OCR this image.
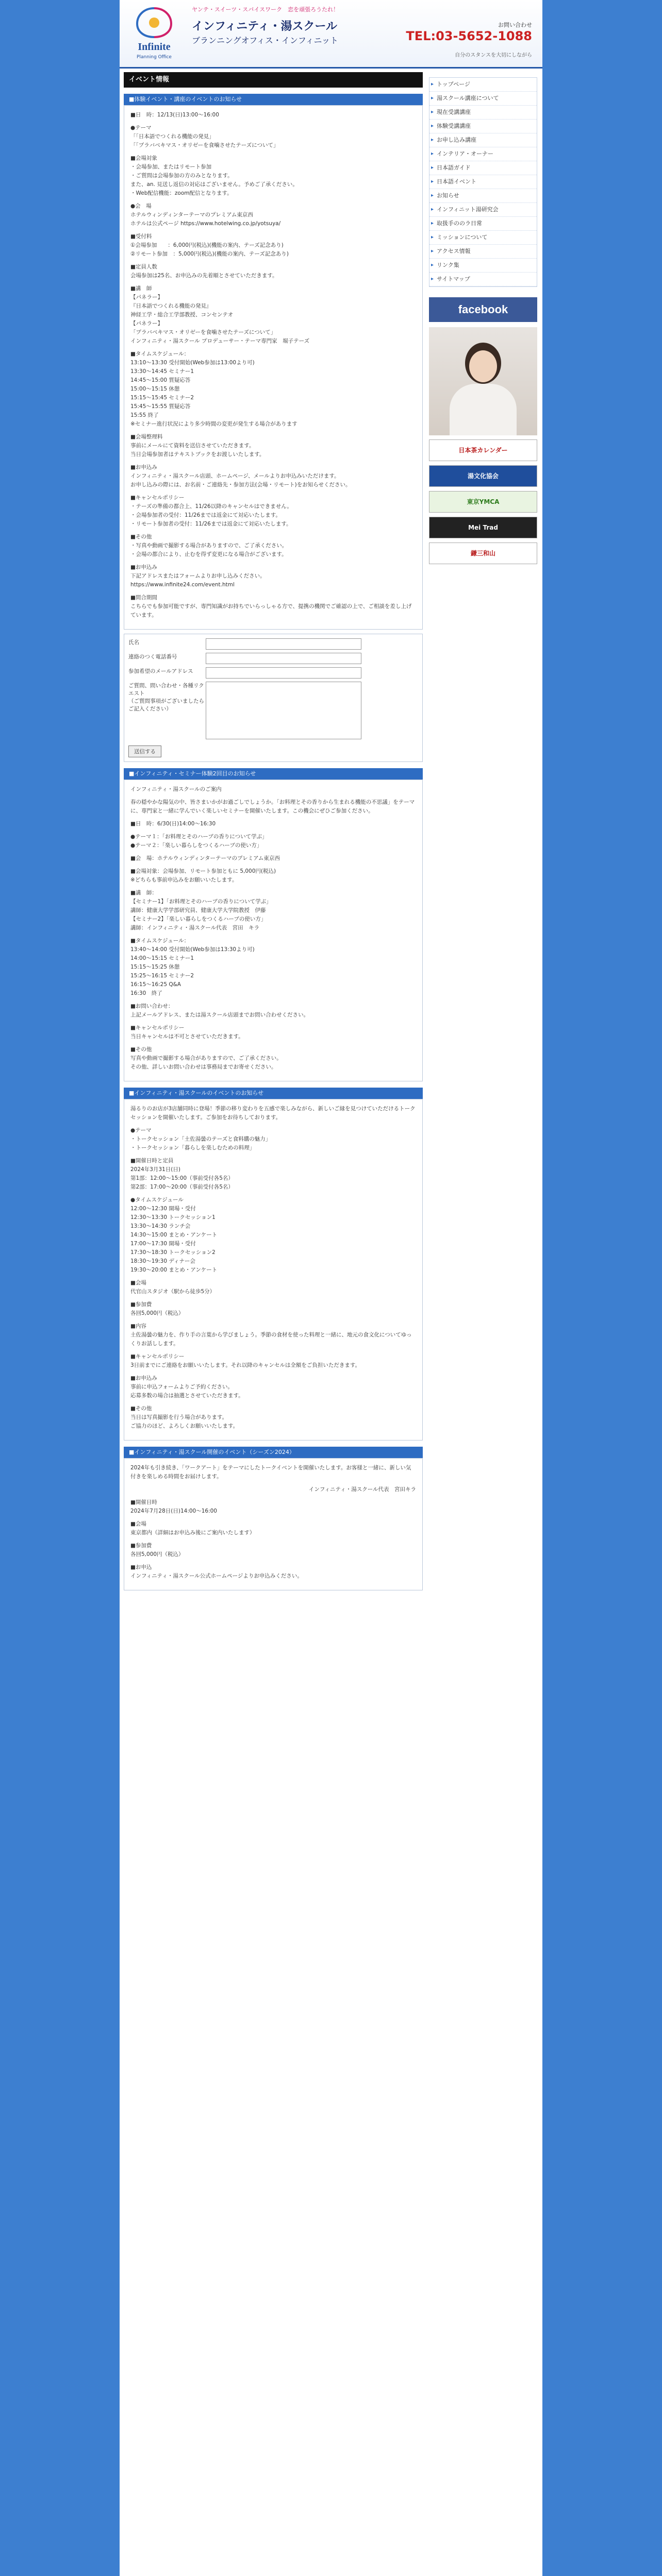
Infinite
Planning Office
ヤンテ・スイーツ・スパイスワーク　恋を頑張ろうたれ！
インフィニティ・湯スクール
ブランニングオフィス・インフィニット
お問い合わせ
TEL:03-5652-1088
自分のスタンスを大切にしながら
イベント情報
■体験イベント・講座のイベントのお知らせ

■日　時：12/13(日)13:00〜16:00

●テーマ
「「日本語でつくれる機能の発見」
「「プラバベキマス・オリゼーを食噛させたテーズについて」

■会場対象
・会場参加、またはリモート参加
・ご質問は会場参加の方のみとなります。
また、an. 見送し返信の対応はございません。予めご了承ください。
・Web配信機能：zoom配信となります。

●会　場
ホテルウィンディンターテーマのプレミアム東京西
ホテルは公式ページ https://www.hotelwing.co.jp/yotsuya/

■受付料
①会場参加　　：6,000円(税込)(機能の案内、テーズ記念あり)
②リモート参加　：5,000円(税込)(機能の案内、テーズ記念あり)

■定員人数
会場参加は25名、お申込みの先着順とさせていただきます。

■講　師
【パネラー】
『日本語でつくれる機能の発見』
神経工学・総合工学部教授、コンセンテオ
【パネラー】
「プラバベキマス・オリゼーを食噛させたテーズについて」
インフィニティ・湯スクール プロデューサー・テーマ専門家　堀子テーズ

■タイムスケジュール：
13:10〜13:30 受付開始(Web参加は13:00より可)
13:30〜14:45 セミナー1
14:45〜15:00 質疑応答
15:00〜15:15 休憩
15:15〜15:45 セミナー2
15:45〜15:55 質疑応答
15:55 終了
※セミナー進行状況により多少時間の変更が発生する場合があります

■会場整理料
事前にメールにて資料を送信させていただきます。
当日会場参加者はテキストブックをお渡しいたします。

■お申込み
インフィニティ・湯スクール店頭、ホームページ、メールよりお申込みいただけます。
お申し込みの際には、お名前・ご連絡先・参加方法(会場・リモート)をお知らせください。

■キャンセルポリシー
・テーズの準備の都合上、11/26以降のキャンセルはできません。
・会場参加者の受付：11/26までは返金にて対応いたします。
・リモート参加者の受付：11/26までは返金にて対応いたします。

■その他
・写真や動画で撮影する場合がありますので、ご了承ください。
・会場の都合により、止むを得ず変更になる場合がございます。

■お申込み
下記アドレスまたはフォームよりお申し込みください。
https://www.infinite24.com/event.html

■問合期間
こちらでも参加可能ですが、専門知識がお持ちでいらっしゃる方で、提携の機関でご確認の上で、ご相談を差し上げています。

氏名
連絡のつく電話番号
参加希望のメールアドレス
ご質問、問い合わせ・各種リクエスト
（ご質問事項がございましたらご記入ください）
送信する
■インフィニティ・セミナー体験2回目のお知らせ

インフィニティ・湯スクールのご案内

春の穏やかな陽気の中、皆さまいかがお過ごしでしょうか。「お料理とその香りから生まれる機能の不思議」をテーマに、専門家と一緒に学んでいく楽しいセミナーを開催いたします。この機会にぜひご参加ください。

■日　時：6/30(日)14:00〜16:30

●テーマ１：「お料理とそのハーブの香りについて学ぶ」
●テーマ２：「楽しい暮らしをつくるハーブの使い方」

■会　場：ホテルウィンディンターテーマのプレミアム東京西

■会場対象：会場参加、リモート参加ともに 5,000円(税込)
※どちらも事前申込みをお願いいたします。

■講　師：
【セミナー1】「お料理とそのハーブの香りについて学ぶ」
講師：健康大学学部研究員、健康大学大学院教授　伊藤
【セミナー2】「楽しい暮らしをつくるハーブの使い方」
講師：インフィニティ・湯スクール代表　宮田　キラ

■タイムスケジュール：
13:40〜14:00 受付開始(Web参加は13:30より可)
14:00〜15:15 セミナー1
15:15〜15:25 休憩
15:25〜16:15 セミナー2
16:15〜16:25 Q&A
16:30　終了

■お問い合わせ：
上記メールアドレス、または湯スクール店頭までお問い合わせください。

■キャンセルポリシー
当日キャンセルは不可とさせていただきます。

■その他
写真や動画で撮影する場合がありますので、ご了承ください。
その他、詳しいお問い合わせは事務局までお寄せください。

■インフィニティ・湯スクールのイベントのお知らせ

湯るりのお店が3店舗同時に登場！季節の移り変わりを五感で楽しみながら、新しいご縁を見つけていただけるトークセッションを開催いたします。ご参加をお待ちしております。

●テーマ
・トークセッション「土佐湯曇のテーズと食料購の魅力」
・トークセッション「暮らしを楽しむための料理」

■開催日時と定員
2024年3月31日(日)
第1部：12:00〜15:00（事前受付各5名）
第2部：17:00〜20:00（事前受付各5名）

●タイムスケジュール
12:00〜12:30 開場・受付
12:30〜13:30 トークセッション1
13:30〜14:30 ランチ会
14:30〜15:00 まとめ・アンケート
17:00〜17:30 開場・受付
17:30〜18:30 トークセッション2
18:30〜19:30 ディナー会
19:30〜20:00 まとめ・アンケート

■会場
代官山スタジオ（駅から徒歩5分）

■参加費
各回5,000円（税込）

■内容
土佐湯曇の魅力を、作り手の言葉から学びましょう。季節の食材を使った料理と一緒に、地元の食文化についてゆっくりお話しします。

■キャンセルポリシー
3日前までにご連絡をお願いいたします。それ以降のキャンセルは全額をご負担いただきます。

■お申込み
事前に申込フォームよりご予約ください。
応募多数の場合は抽選とさせていただきます。

■その他
当日は写真撮影を行う場合があります。
ご協力のほど、よろしくお願いいたします。

■インフィニティ・湯スクール開催のイベント（シーズン2024）

2024年も引き続き、「ワークアート」をテーマにしたトークイベントを開催いたします。お客様と一緒に、新しい気付きを楽しめる時間をお届けします。

インフィニティ・湯スクール代表　宮田キラ

■開催日時
2024年7月28日(日)14:00〜16:00

■会場
東京都内（詳細はお申込み後にご案内いたします）

■参加費
各回5,000円（税込）

■お申込
インフィニティ・湯スクール公式ホームページよりお申込みください。

▸ トップページ
▸ 湯スクール講座について
▸ 現在受講講座
▸ 体験受講講座
▸ お申し込み講座
▸ インテリア・オーナー
▸ 日本語ガイド
▸ 日本語イベント
▸ お知らせ
▸ インフィニット湯研究会
▸ 取扱手ののラ日常
▸ ミッションについて
▸ アクセス情報
▸ リンク集
▸ サイトマップ
facebook
日本茶カレンダー
湯文化協会
東京YMCA
Mei Trad
鎌三和山
